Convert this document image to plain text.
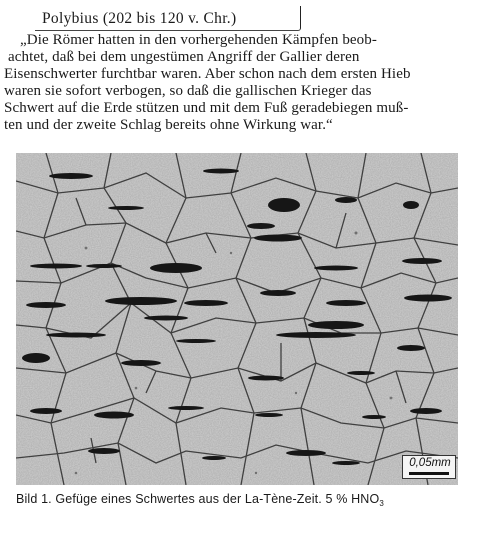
Polybius (202 bis 120 v. Chr.)
„Die Römer hatten in den vorhergehenden Kämpfen beob-
achtet, daß bei dem ungestümen Angriff der Gallier deren
Eisenschwerter furchtbar waren. Aber schon nach dem ersten Hieb
waren sie sofort verbogen, so daß die gallischen Krieger das
Schwert auf die Erde stützen und mit dem Fuß geradebiegen muß-
ten und der zweite Schlag bereits ohne Wirkung war.“
0,05mm
Bild 1. Gefüge eines Schwertes aus der La-Tène-Zeit. 5 % $HNO_3$
